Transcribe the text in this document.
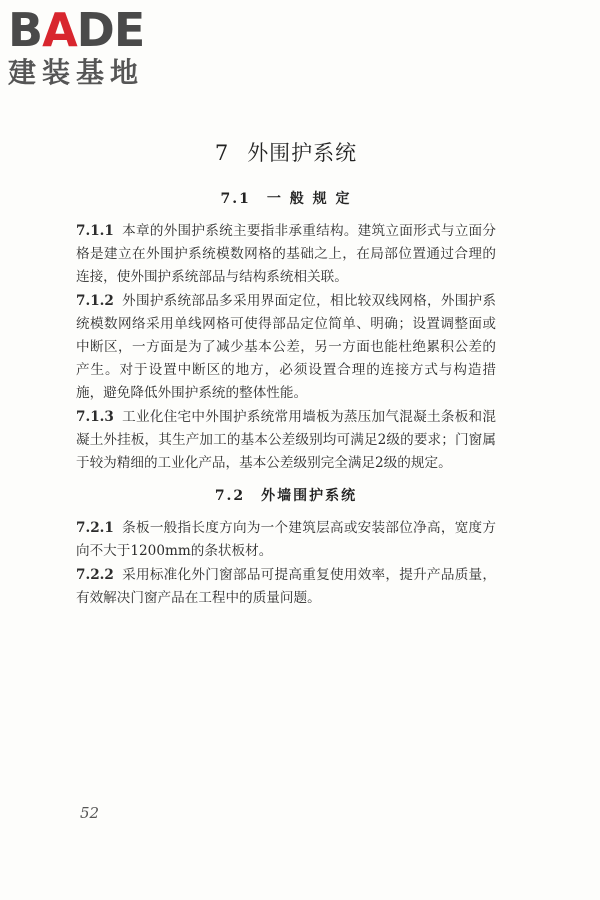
BADE
建装基地
7 外围护系统
7.1 一 般 规 定

7.1.1 本章的外围护系统主要指非承重结构。建筑立面形式与立面分格是建立在外围护系统模数网格的基础之上，在局部位置通过合理的连接，使外围护系统部品与结构系统相关联。

7.1.2 外围护系统部品多采用界面定位，相比较双线网格，外围护系统模数网络采用单线网格可使得部品定位简单、明确；设置调整面或中断区，一方面是为了减少基本公差，另一方面也能杜绝累积公差的产生。对于设置中断区的地方，必须设置合理的连接方式与构造措施，避免降低外围护系统的整体性能。

7.1.3 工业化住宅中外围护系统常用墙板为蒸压加气混凝土条板和混凝土外挂板，其生产加工的基本公差级别均可满足2级的要求；门窗属于较为精细的工业化产品，基本公差级别完全满足2级的规定。

7.2 外墙围护系统

7.2.1 条板一般指长度方向为一个建筑层高或安装部位净高，宽度方向不大于1200mm的条状板材。

7.2.2 采用标准化外门窗部品可提高重复使用效率，提升产品质量，有效解决门窗产品在工程中的质量问题。

52
